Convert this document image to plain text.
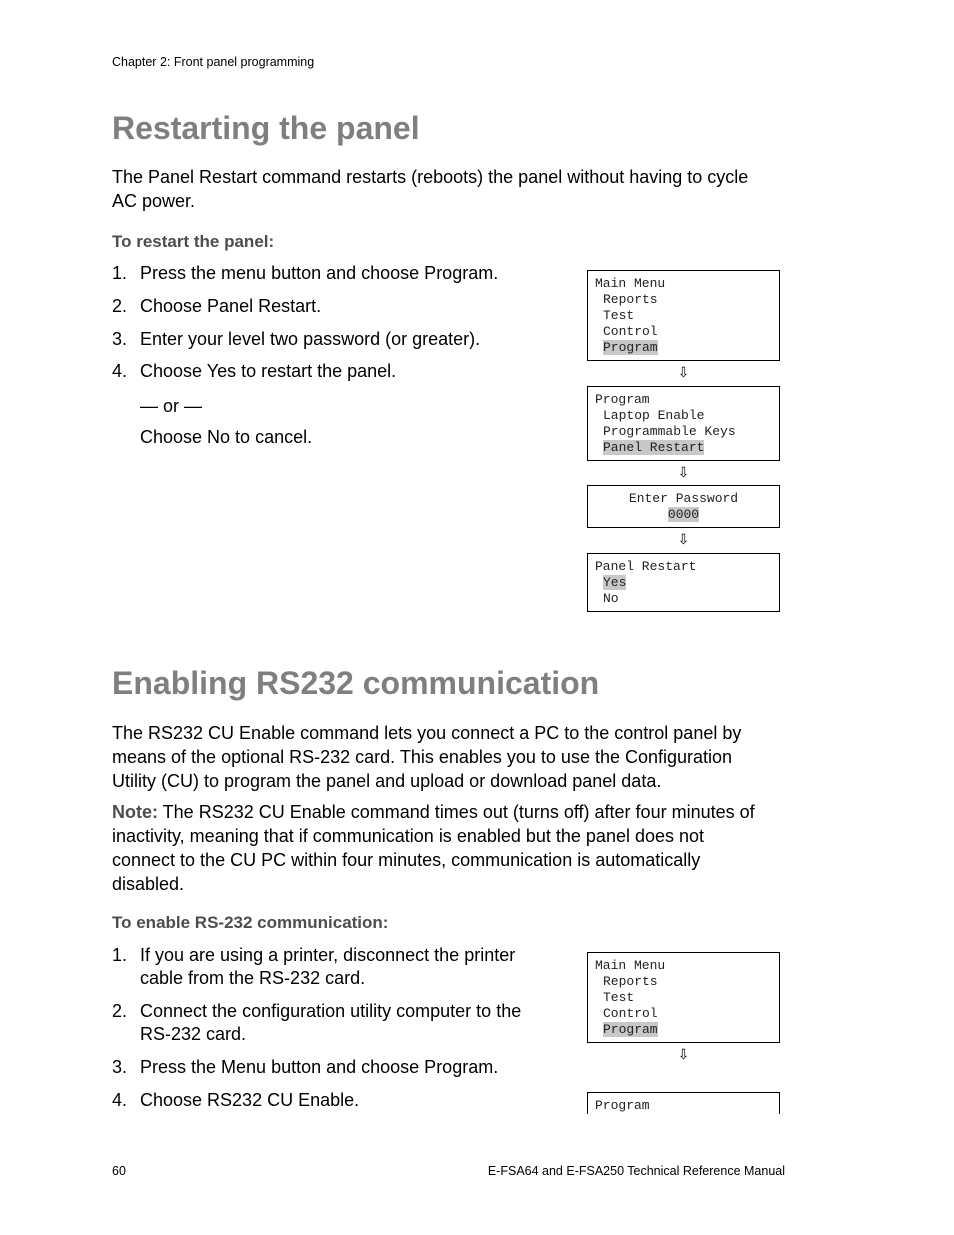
Chapter 2: Front panel programming
Restarting the panel
The Panel Restart command restarts (reboots) the panel without having to cycle
AC power.
To restart the panel:
1. Press the menu button and choose Program.
2. Choose Panel Restart.
3. Enter your level two password (or greater).
4. Choose Yes to restart the panel.
— or —
Choose No to cancel.
Main Menu
Reports
Test
Control
Program
⇩
Program
Laptop Enable
Programmable Keys
Panel Restart
⇩
Enter Password
0000
⇩
Panel Restart
Yes
No
Enabling RS232 communication
The RS232 CU Enable command lets you connect a PC to the control panel by
means of the optional RS-232 card. This enables you to use the Configuration
Utility (CU) to program the panel and upload or download panel data.
Note: The RS232 CU Enable command times out (turns off) after four minutes of
inactivity, meaning that if communication is enabled but the panel does not
connect to the CU PC within four minutes, communication is automatically
disabled.
To enable RS-232 communication:
1. If you are using a printer, disconnect the printer
cable from the RS-232 card.
2. Connect the configuration utility computer to the
RS-232 card.
3. Press the Menu button and choose Program.
4. Choose RS232 CU Enable.
Main Menu
Reports
Test
Control
Program
⇩
Program
60	E-FSA64 and E-FSA250 Technical Reference Manual
